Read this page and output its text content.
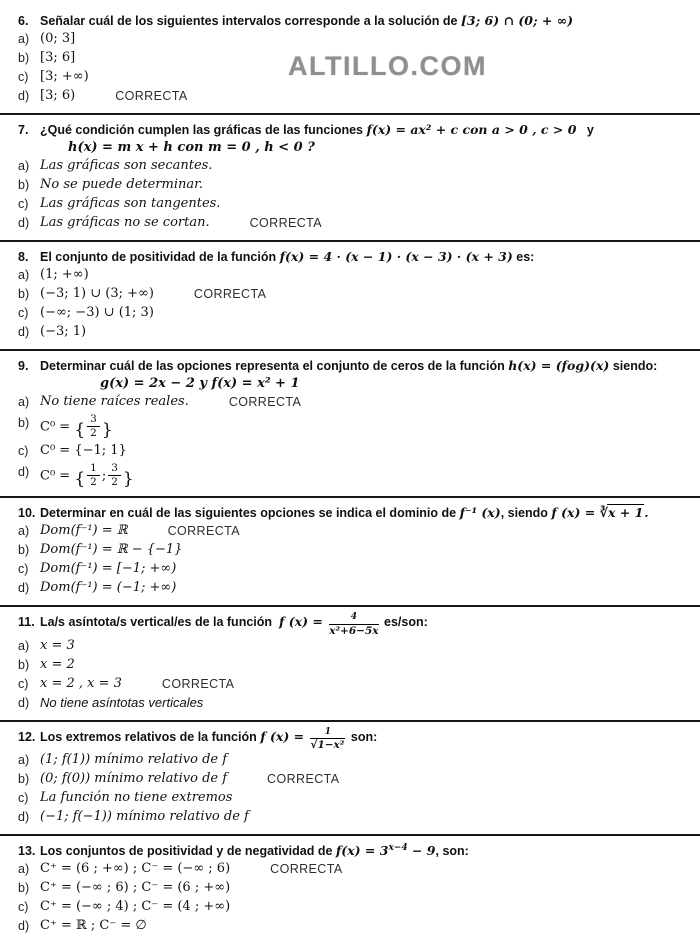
ALTILLO.COM
6. Señalar cuál de los siguientes intervalos corresponde a la solución de [3; 6) ∩ (0; + ∞)
a) (0; 3]
b) [3; 6]
c) [3; +∞)
d) [3; 6)	CORRECTA
7. ¿Qué condición cumplen las gráficas de las funciones f(x) = ax² + c con a > 0 , c > 0 y
h(x) = m x + h con m = 0 , h < 0 ?
a) Las gráficas son secantes.
b) No se puede determinar.
c) Las gráficas son tangentes.
d) Las gráficas no se cortan.	CORRECTA
8. El conjunto de positividad de la función f(x) = 4 · (x − 1) · (x − 3) · (x + 3) es:
a) (1; +∞)
b) (−3; 1) ∪ (3; +∞)	CORRECTA
c) (−∞; −3) ∪ (1; 3)
d) (−3; 1)
9. Determinar cuál de las opciones representa el conjunto de ceros de la función h(x) = (fog)(x) siendo:
g(x) = 2x − 2 y f(x) = x² + 1
a) No tiene raíces reales.	CORRECTA
b) C⁰ = { $\frac{3}{2}$ }
c) C⁰ = {−1; 1}
d) C⁰ = { $\frac{1}{2}$ ; $\frac{3}{2}$ }
10. Determinar en cuál de las siguientes opciones se indica el dominio de f⁻¹ (x), siendo f (x) = ∛x + 1.
a) Dom(f⁻¹) = ℝ	CORRECTA
b) Dom(f⁻¹) = ℝ − {−1}
c) Dom(f⁻¹) = [−1; +∞)
d) Dom(f⁻¹) = (−1; +∞)
11. La/s asíntota/s vertical/es de la función f $(x) = \frac{4}{\text{x²+6−5x}} es/son$:
a) x = 3
b) x = 2
c) x = 2 , x = 3	CORRECTA
d) No tiene asíntotas verticales
12. Los extremos relativos de la función f $(x) = \frac{1}{\text{√1−x²}}$ son:
a) (1; f(1)) mínimo relativo de f
b) (0; f(0)) mínimo relativo de f	CORRECTA
c) La función no tiene extremos
d) (−1; f(−1)) mínimo relativo de f
13. Los conjuntos de positividad y de negatividad de $f(x) = 3^{x-4} - 9$, son:
a) C⁺ = (6 ; +∞) ; C⁻ = (−∞ ; 6)	CORRECTA
b) C⁺ = (−∞ ; 6) ; C⁻ = (6 ; +∞)
c) C⁺ = (−∞ ; 4) ; C⁻ = (4 ; +∞)
d) C⁺ = ℝ ; C⁻ = ∅
